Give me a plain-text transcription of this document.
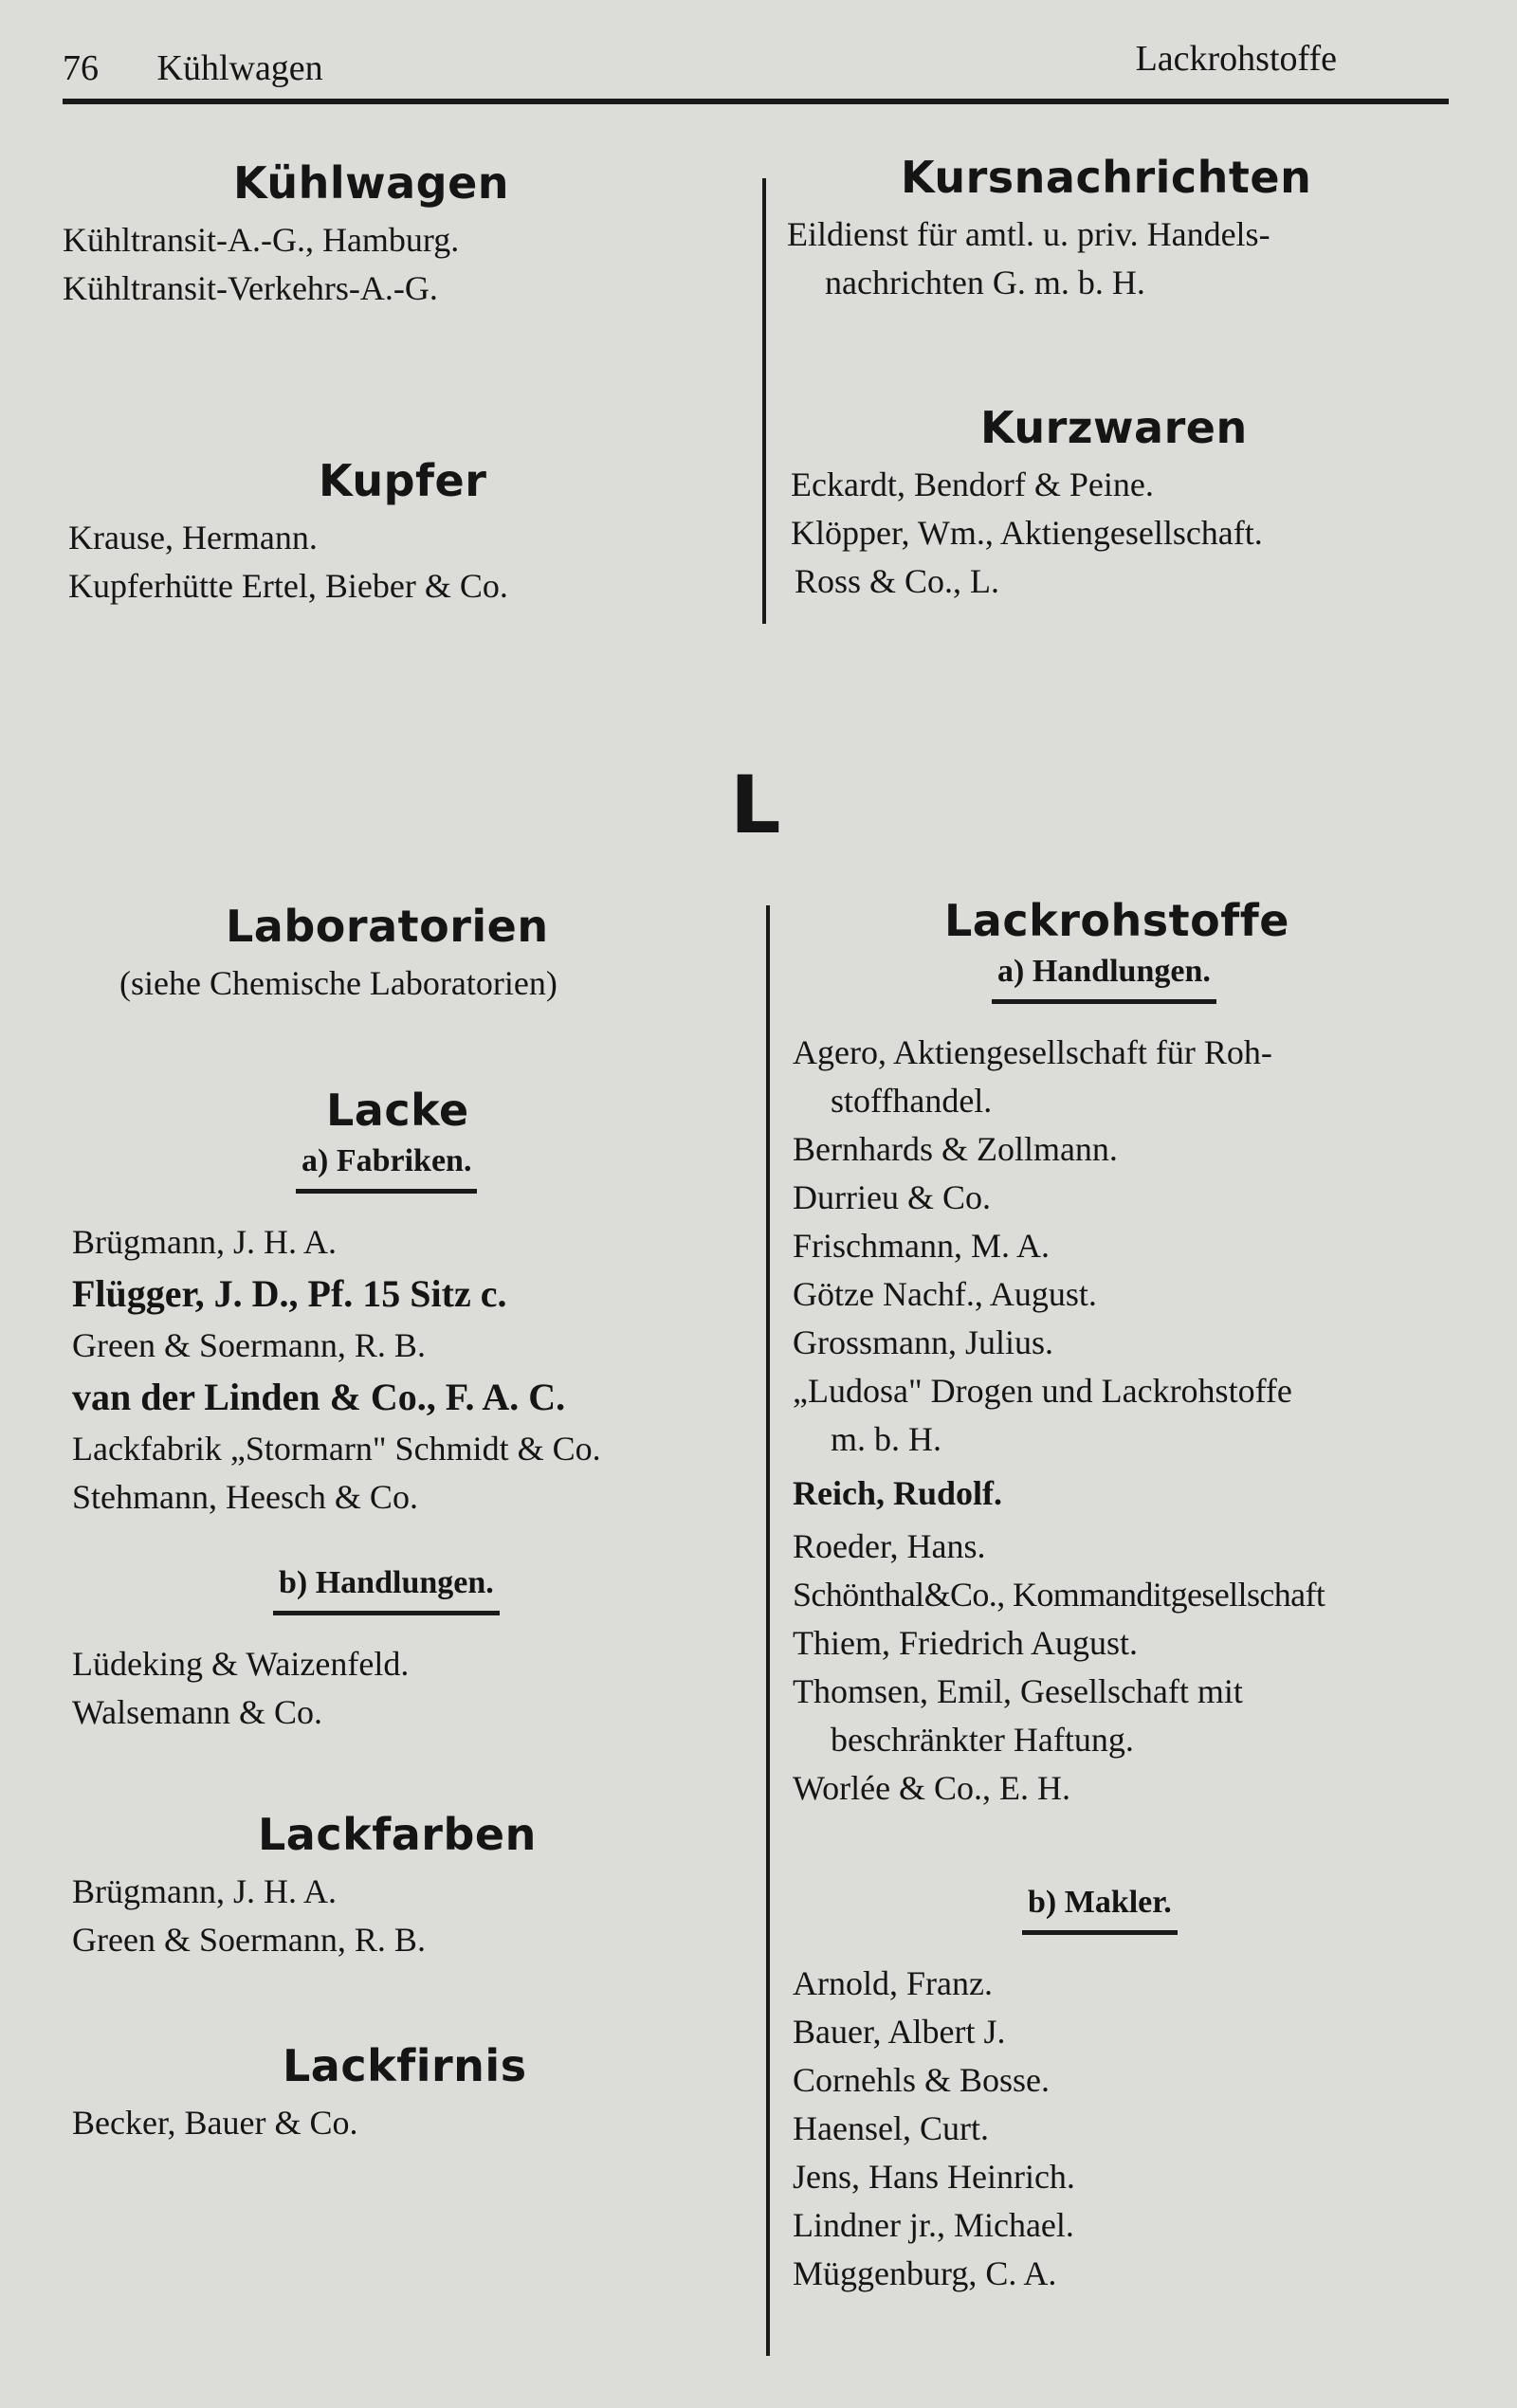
76 Kühlwagen	Lackrohstoffe
Kühlwagen
Kühltransit-A.-G., Hamburg.
Kühltransit-Verkehrs-A.-G.
Kupfer
Krause, Hermann.
Kupferhütte Ertel, Bieber & Co.
Kursnachrichten
Eildienst für amtl. u. priv. Handels-
nachrichten G. m. b. H.
Kurzwaren
Eckardt, Bendorf & Peine.
Klöpper, Wm., Aktiengesellschaft.
Ross & Co., L.
L
Laboratorien
(siehe Chemische Laboratorien)
Lacke
a) Fabriken.
Brügmann, J. H. A.
Flügger, J. D., Pf. 15 Sitz c.
Green & Soermann, R. B.
van der Linden & Co., F. A. C.
Lackfabrik „Stormarn" Schmidt & Co.
Stehmann, Heesch & Co.
b) Handlungen.
Lüdeking & Waizenfeld.
Walsemann & Co.
Lackfarben
Brügmann, J. H. A.
Green & Soermann, R. B.
Lackfirnis
Becker, Bauer & Co.
Lackrohstoffe
a) Handlungen.
Agero, Aktiengesellschaft für Roh-
stoffhandel.
Bernhards & Zollmann.
Durrieu & Co.
Frischmann, M. A.
Götze Nachf., August.
Grossmann, Julius.
„Ludosa" Drogen und Lackrohstoffe
m. b. H.
Reich, Rudolf.
Roeder, Hans.
Schönthal&Co., Kommanditgesellschaft
Thiem, Friedrich August.
Thomsen, Emil, Gesellschaft mit
beschränkter Haftung.
Worlée & Co., E. H.
b) Makler.
Arnold, Franz.
Bauer, Albert J.
Cornehls & Bosse.
Haensel, Curt.
Jens, Hans Heinrich.
Lindner jr., Michael.
Müggenburg, C. A.
